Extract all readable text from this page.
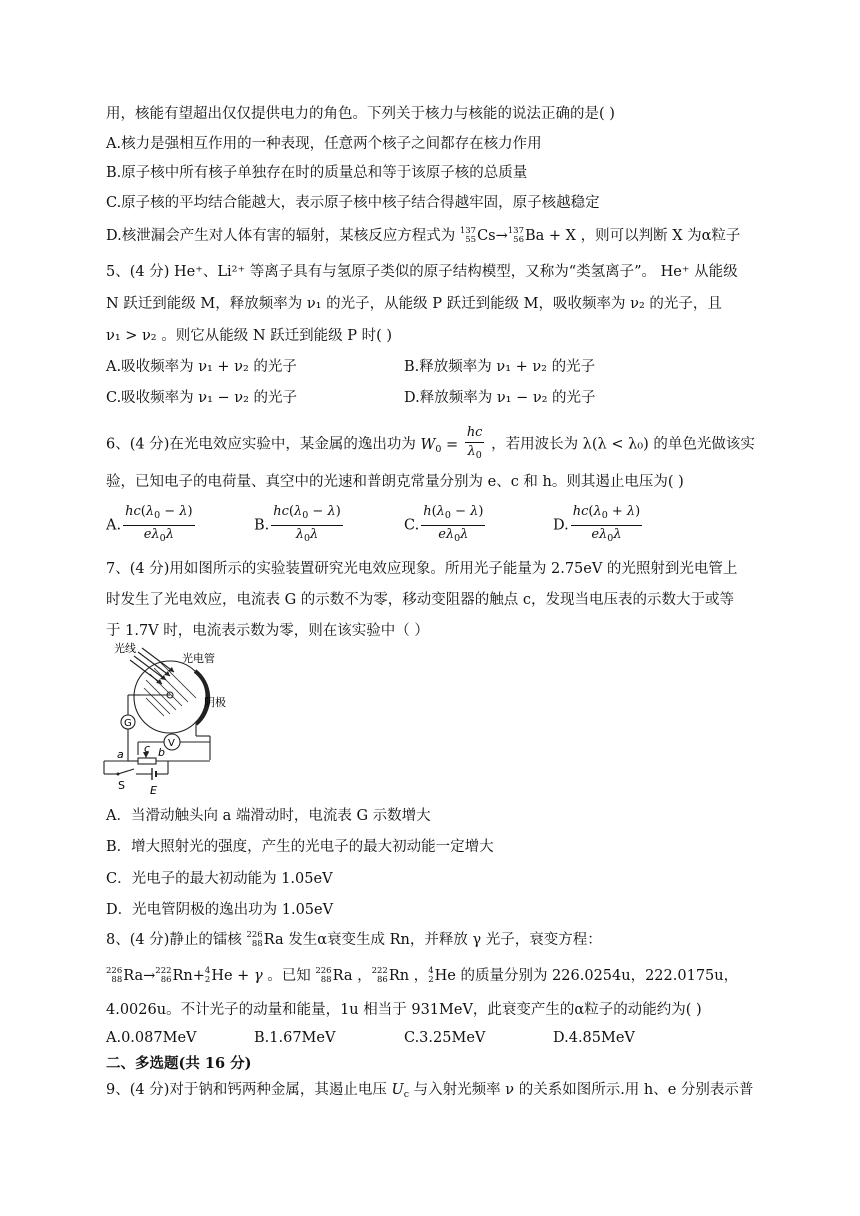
用，核能有望超出仅仅提供电力的角色。下列关于核力与核能的说法正确的是( )
A.核力是强相互作用的一种表现，任意两个核子之间都存在核力作用
B.原子核中所有核子单独存在时的质量总和等于该原子核的总质量
C.原子核的平均结合能越大，表示原子核中核子结合得越牢固，原子核越稳定
D.核泄漏会产生对人体有害的辐射，某核反应方程式为 137
55Cs→137
56Ba + X ，则可以判断 X 为α粒子
5、(4 分) He⁺、Li²⁺ 等离子具有与氢原子类似的原子结构模型，又称为“类氢离子”。 He⁺ 从能级
N 跃迁到能级 M，释放频率为 ν₁ 的光子，从能级 P 跃迁到能级 M，吸收频率为 ν₂ 的光子，且
ν₁ > ν₂ 。则它从能级 N 跃迁到能级 P 时( )
A.吸收频率为 ν₁ + ν₂ 的光子	B.释放频率为 ν₁ + ν₂ 的光子
C.吸收频率为 ν₁ − ν₂ 的光子	D.释放频率为 ν₁ − ν₂ 的光子
6、(4 分)在光电效应实验中，某金属的逸出功为 $W_0 = \frac{hc}{\lambda_0}$ ，若用波长为 λ(λ < λ₀) 的单色光做该实
验，已知电子的电荷量、真空中的光速和普朗克常量分别为 e、c 和 h。则其遏止电压为( )
A. $\frac{hc(\lambda_0 - \lambda)}{e\lambda_0\lambda}$	B. $\frac{hc(\lambda_0 - \lambda)}{\lambda_0\lambda}$	C. $\frac{h(\lambda_0 - \lambda)}{e\lambda_0\lambda}$	D. $\frac{hc(\lambda_0 + \lambda)}{e\lambda_0\lambda}$
7、(4 分)用如图所示的实验装置研究光电效应现象。所用光子能量为 2.75eV 的光照射到光电管上
时发生了光电效应，电流表 G 的示数不为零，移动变阻器的触点 c，发现当电压表的示数大于或等
于 1.7V 时，电流表示数为零，则在该实验中（ ）
光线
光电管
阴极
G
V
a c b
S E
A．当滑动触头向 a 端滑动时，电流表 G 示数增大
B．增大照射光的强度，产生的光电子的最大初动能一定增大
C．光电子的最大初动能为 1.05eV
D．光电管阴极的逸出功为 1.05eV
8、(4 分)静止的镭核 226
88Ra 发生α衰变生成 Rn，并释放 γ 光子，衰变方程：
226
88Ra→222
86Rn+4
2He + γ 。已知 226
88Ra ，222
86Rn ，4
2He 的质量分别为 226.0254u，222.0175u，
4.0026u。不计光子的动量和能量，1u 相当于 931MeV，此衰变产生的α粒子的动能约为( )
A.0.087MeV	B.1.67MeV	C.3.25MeV	D.4.85MeV
二、多选题(共 16 分)
9、(4 分)对于钠和钙两种金属，其遏止电压 $U_c$ 与入射光频率 ν 的关系如图所示.用 h、e 分别表示普
